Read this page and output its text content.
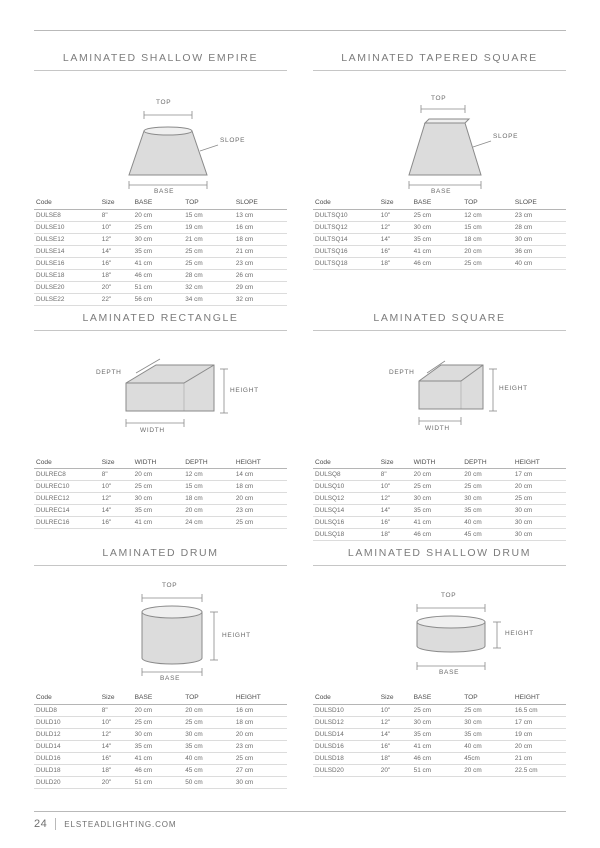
LAMINATED SHALLOW EMPIRE
TOP
SLOPE
BASE
Code	Size	BASE	TOP	SLOPE
DULSE8	8"	20 cm	15 cm	13 cm
DULSE10	10"	25 cm	19 cm	16 cm
DULSE12	12"	30 cm	21 cm	18 cm
DULSE14	14"	35 cm	25 cm	21 cm
DULSE16	16"	41 cm	25 cm	23 cm
DULSE18	18"	46 cm	28 cm	26 cm
DULSE20	20"	51 cm	32 cm	29 cm
DULSE22	22"	56 cm	34 cm	32 cm
LAMINATED TAPERED SQUARE
TOP
SLOPE
BASE
Code	Size	BASE	TOP	SLOPE
DULTSQ10	10"	25 cm	12 cm	23 cm
DULTSQ12	12"	30 cm	15 cm	28 cm
DULTSQ14	14"	35 cm	18 cm	30 cm
DULTSQ16	16"	41 cm	20 cm	36 cm
DULTSQ18	18"	46 cm	25 cm	40 cm
LAMINATED RECTANGLE
DEPTH
HEIGHT
WIDTH
Code	Size	WIDTH	DEPTH	HEIGHT
DULREC8	8"	20 cm	12 cm	14 cm
DULREC10	10"	25 cm	15 cm	18 cm
DULREC12	12"	30 cm	18 cm	20 cm
DULREC14	14"	35 cm	20 cm	23 cm
DULREC16	16"	41 cm	24 cm	25 cm
LAMINATED SQUARE
DEPTH
HEIGHT
WIDTH
Code	Size	WIDTH	DEPTH	HEIGHT
DULSQ8	8"	20 cm	20 cm	17 cm
DULSQ10	10"	25 cm	25 cm	20 cm
DULSQ12	12"	30 cm	30 cm	25 cm
DULSQ14	14"	35 cm	35 cm	30 cm
DULSQ16	16"	41 cm	40 cm	30 cm
DULSQ18	18"	46 cm	45 cm	30 cm
LAMINATED DRUM
TOP
HEIGHT
BASE
Code	Size	BASE	TOP	HEIGHT
DULD8	8"	20 cm	20 cm	16 cm
DULD10	10"	25 cm	25 cm	18 cm
DULD12	12"	30 cm	30 cm	20 cm
DULD14	14"	35 cm	35 cm	23 cm
DULD16	16"	41 cm	40 cm	25 cm
DULD18	18"	46 cm	45 cm	27 cm
DULD20	20"	51 cm	50 cm	30 cm
LAMINATED SHALLOW DRUM
TOP
HEIGHT
BASE
Code	Size	BASE	TOP	HEIGHT
DULSD10	10"	25 cm	25 cm	16.5 cm
DULSD12	12"	30 cm	30 cm	17 cm
DULSD14	14"	35 cm	35 cm	19 cm
DULSD16	16"	41 cm	40 cm	20 cm
DULSD18	18"	46 cm	45cm	21 cm
DULSD20	20"	51 cm	20 cm	22.5 cm
24 ELSTEADLIGHTING.COM
